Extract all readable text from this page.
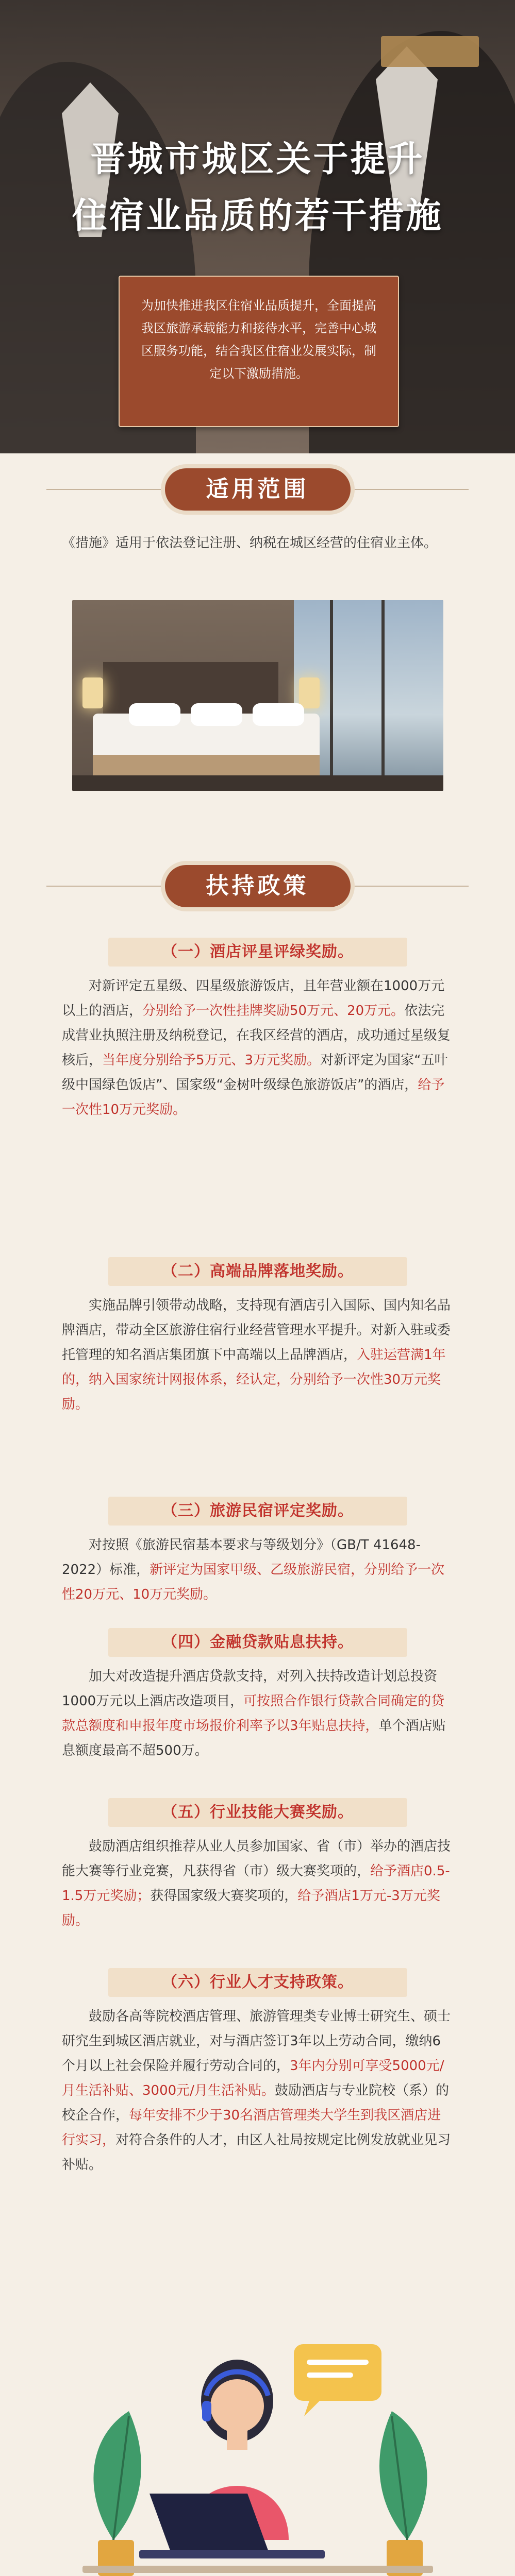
晋城市城区关于提升
住宿业品质的若干措施

为加快推进我区住宿业品质提升，全面提高我区旅游承载能力和接待水平，完善中心城区服务功能，结合我区住宿业发展实际，制定以下激励措施。

适用范围

《措施》适用于依法登记注册、纳税在城区经营的住宿业主体。

扶持政策
（一）酒店评星评绿奖励。

对新评定五星级、四星级旅游饭店，且年营业额在1000万元以上的酒店，分别给予一次性挂牌奖励50万元、20万元。依法完成营业执照注册及纳税登记，在我区经营的酒店，成功通过星级复核后，当年度分别给予5万元、3万元奖励。对新评定为国家“五叶级中国绿色饭店”、国家级“金树叶级绿色旅游饭店”的酒店，给予一次性10万元奖励。

（二）高端品牌落地奖励。

实施品牌引领带动战略，支持现有酒店引入国际、国内知名品牌酒店，带动全区旅游住宿行业经营管理水平提升。对新入驻或委托管理的知名酒店集团旗下中高端以上品牌酒店，入驻运营满1年的，纳入国家统计网报体系，经认定，分别给予一次性30万元奖励。

（三）旅游民宿评定奖励。

对按照《旅游民宿基本要求与等级划分》（GB/T 41648-2022）标准，新评定为国家甲级、乙级旅游民宿，分别给予一次性20万元、10万元奖励。

（四）金融贷款贴息扶持。

加大对改造提升酒店贷款支持，对列入扶持改造计划总投资1000万元以上酒店改造项目，可按照合作银行贷款合同确定的贷款总额度和申报年度市场报价利率予以3年贴息扶持，单个酒店贴息额度最高不超500万。

（五）行业技能大赛奖励。

鼓励酒店组织推荐从业人员参加国家、省（市）举办的酒店技能大赛等行业竞赛，凡获得省（市）级大赛奖项的，给予酒店0.5-1.5万元奖励；获得国家级大赛奖项的，给予酒店1万元-3万元奖励。

（六）行业人才支持政策。

鼓励各高等院校酒店管理、旅游管理类专业博士研究生、硕士研究生到城区酒店就业，对与酒店签订3年以上劳动合同，缴纳6个月以上社会保险并履行劳动合同的，3年内分别可享受5000元/月生活补贴、3000元/月生活补贴。鼓励酒店与专业院校（系）的校企合作，每年安排不少于30名酒店管理类大学生到我区酒店进行实习，对符合条件的人才，由区人社局按规定比例发放就业见习补贴。
